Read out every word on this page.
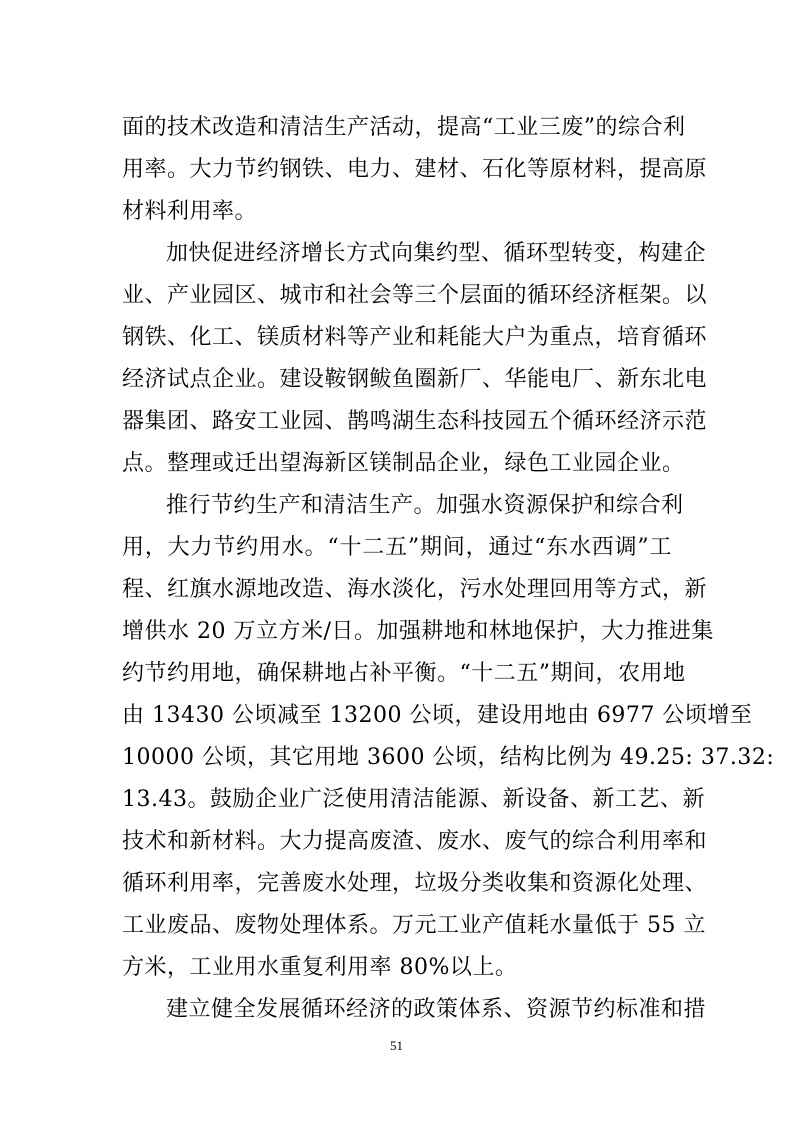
面的技术改造和清洁生产活动，提高“工业三废”的综合利
用率。大力节约钢铁、电力、建材、石化等原材料，提高原
材料利用率。
加快促进经济增长方式向集约型、循环型转变，构建企
业、产业园区、城市和社会等三个层面的循环经济框架。以
钢铁、化工、镁质材料等产业和耗能大户为重点，培育循环
经济试点企业。建设鞍钢鲅鱼圈新厂、华能电厂、新东北电
器集团、路安工业园、鹊鸣湖生态科技园五个循环经济示范
点。整理或迁出望海新区镁制品企业，绿色工业园企业。
推行节约生产和清洁生产。加强水资源保护和综合利
用，大力节约用水。“十二五”期间，通过“东水西调”工
程、红旗水源地改造、海水淡化，污水处理回用等方式，新
增供水 20 万立方米/日。加强耕地和林地保护，大力推进集
约节约用地，确保耕地占补平衡。“十二五”期间，农用地
由 13430 公顷减至 13200 公顷，建设用地由 6977 公顷增至
10000 公顷，其它用地 3600 公顷，结构比例为 49.25: 37.32:
13.43。鼓励企业广泛使用清洁能源、新设备、新工艺、新
技术和新材料。大力提高废渣、废水、废气的综合利用率和
循环利用率，完善废水处理，垃圾分类收集和资源化处理、
工业废品、废物处理体系。万元工业产值耗水量低于 55 立
方米，工业用水重复利用率 80%以上。
建立健全发展循环经济的政策体系、资源节约标准和措
51
